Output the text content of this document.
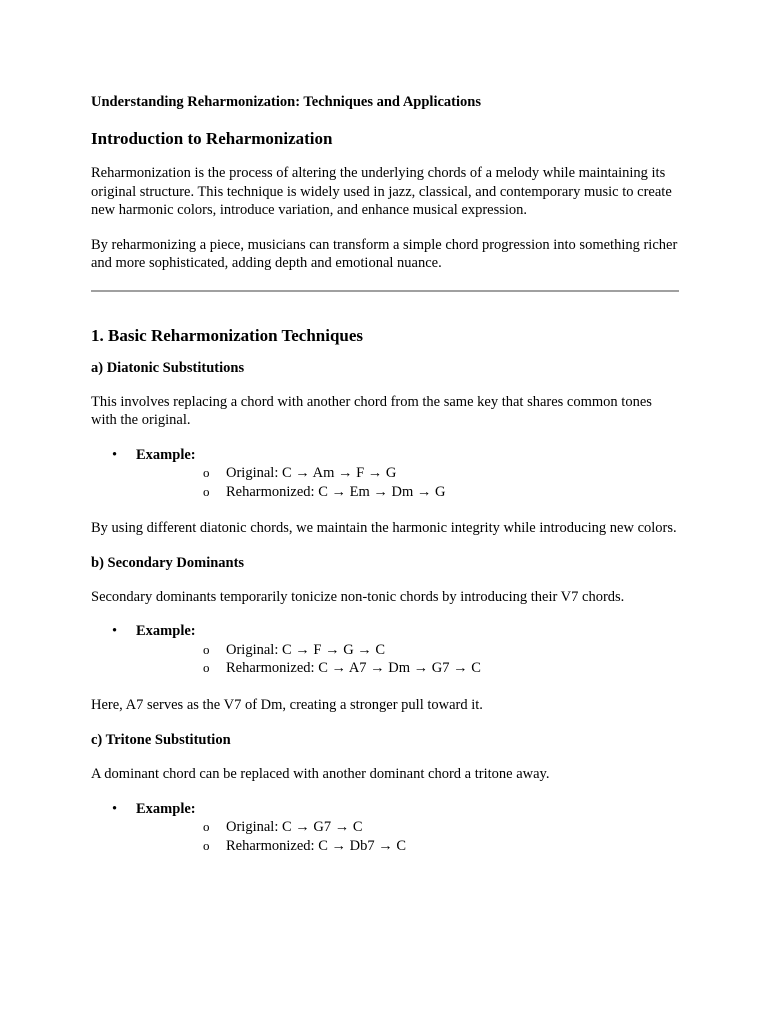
Understanding Reharmonization: Techniques and Applications
Introduction to Reharmonization

Reharmonization is the process of altering the underlying chords of a melody while maintaining its original structure. This technique is widely used in jazz, classical, and contemporary music to create new harmonic colors, introduce variation, and enhance musical expression.

By reharmonizing a piece, musicians can transform a simple chord progression into something richer and more sophisticated, adding depth and emotional nuance.

1. Basic Reharmonization Techniques
a) Diatonic Substitutions

This involves replacing a chord with another chord from the same key that shares common tones with the original.

• Example:
o Original: C → Am → F → G
o Reharmonized: C → Em → Dm → G

By using different diatonic chords, we maintain the harmonic integrity while introducing new colors.

b) Secondary Dominants

Secondary dominants temporarily tonicize non-tonic chords by introducing their V7 chords.

• Example:
o Original: C → F → G → C
o Reharmonized: C → A7 → Dm → G7 → C

Here, A7 serves as the V7 of Dm, creating a stronger pull toward it.

c) Tritone Substitution

A dominant chord can be replaced with another dominant chord a tritone away.

• Example:
o Original: C → G7 → C
o Reharmonized: C → Db7 → C
